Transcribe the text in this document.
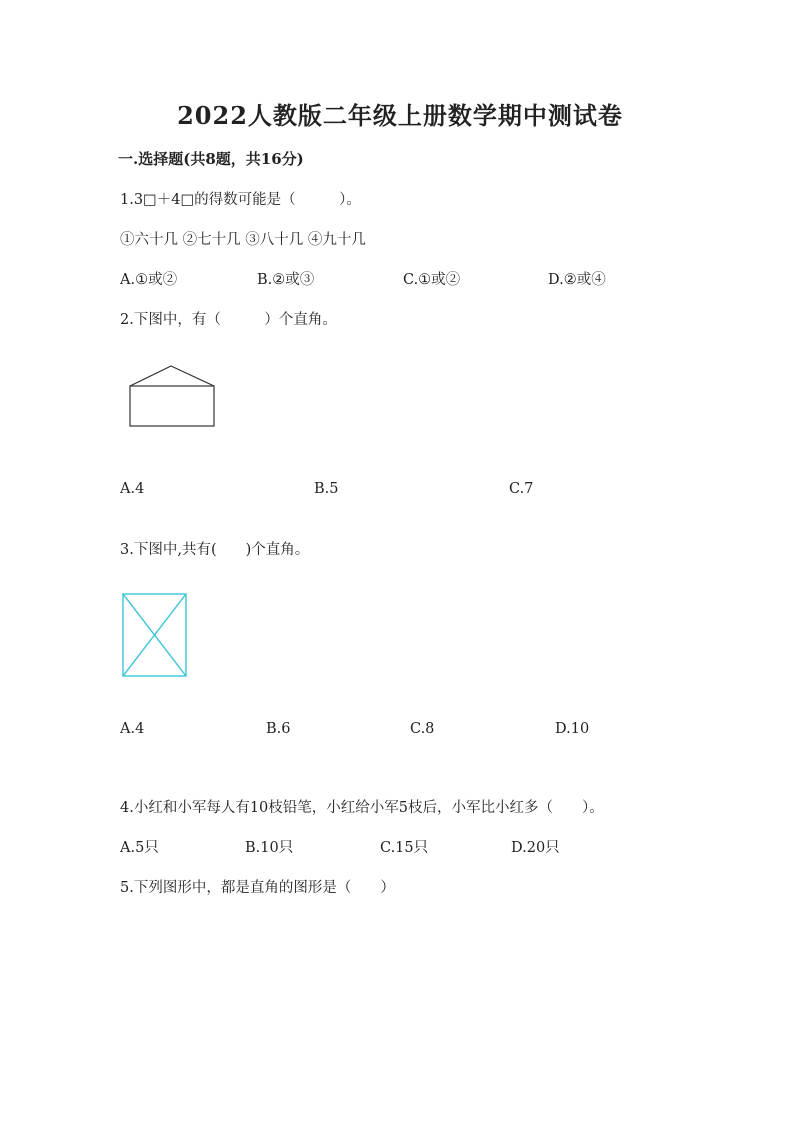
2022人教版二年级上册数学期中测试卷
一.选择题(共8题，共16分)
1.3□＋4□的得数可能是（　　　）。
①六十几 ②七十几 ③八十几 ④九十几
A.①或②	B.②或③	C.①或②	D.②或④
2.下图中，有（　　　）个直角。
A.4	B.5	C.7
3.下图中,共有(　　)个直角。
A.4	B.6	C.8	D.10
4.小红和小军每人有10枝铅笔，小红给小军5枝后，小军比小红多（　　）。
A.5只	B.10只	C.15只	D.20只
5.下列图形中，都是直角的图形是（　　）
